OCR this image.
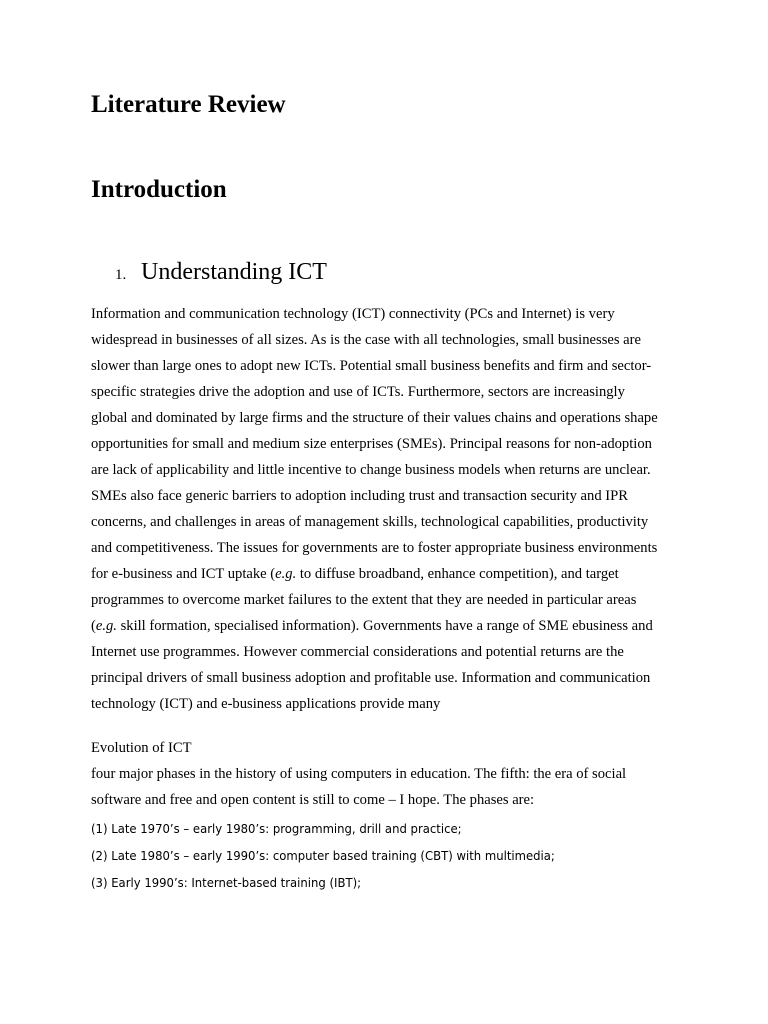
Literature Review
Introduction
1. Understanding ICT
Information and communication technology (ICT) connectivity (PCs and Internet) is very
widespread in businesses of all sizes. As is the case with all technologies, small businesses are
slower than large ones to adopt new ICTs. Potential small business benefits and firm and sector-
specific strategies drive the adoption and use of ICTs. Furthermore, sectors are increasingly
global and dominated by large firms and the structure of their values chains and operations shape
opportunities for small and medium size enterprises (SMEs). Principal reasons for non-adoption
are lack of applicability and little incentive to change business models when returns are unclear.
SMEs also face generic barriers to adoption including trust and transaction security and IPR
concerns, and challenges in areas of management skills, technological capabilities, productivity
and competitiveness. The issues for governments are to foster appropriate business environments
for e-business and ICT uptake (e.g. to diffuse broadband, enhance competition), and target
programmes to overcome market failures to the extent that they are needed in particular areas
(e.g. skill formation, specialised information). Governments have a range of SME ebusiness and
Internet use programmes. However commercial considerations and potential returns are the
principal drivers of small business adoption and profitable use. Information and communication
technology (ICT) and e-business applications provide many
Evolution of ICT
four major phases in the history of using computers in education. The fifth: the era of social
software and free and open content is still to come – I hope. The phases are:
(1) Late 1970’s – early 1980’s: programming, drill and practice;
(2) Late 1980’s – early 1990’s: computer based training (CBT) with multimedia;
(3) Early 1990’s: Internet-based training (IBT);
